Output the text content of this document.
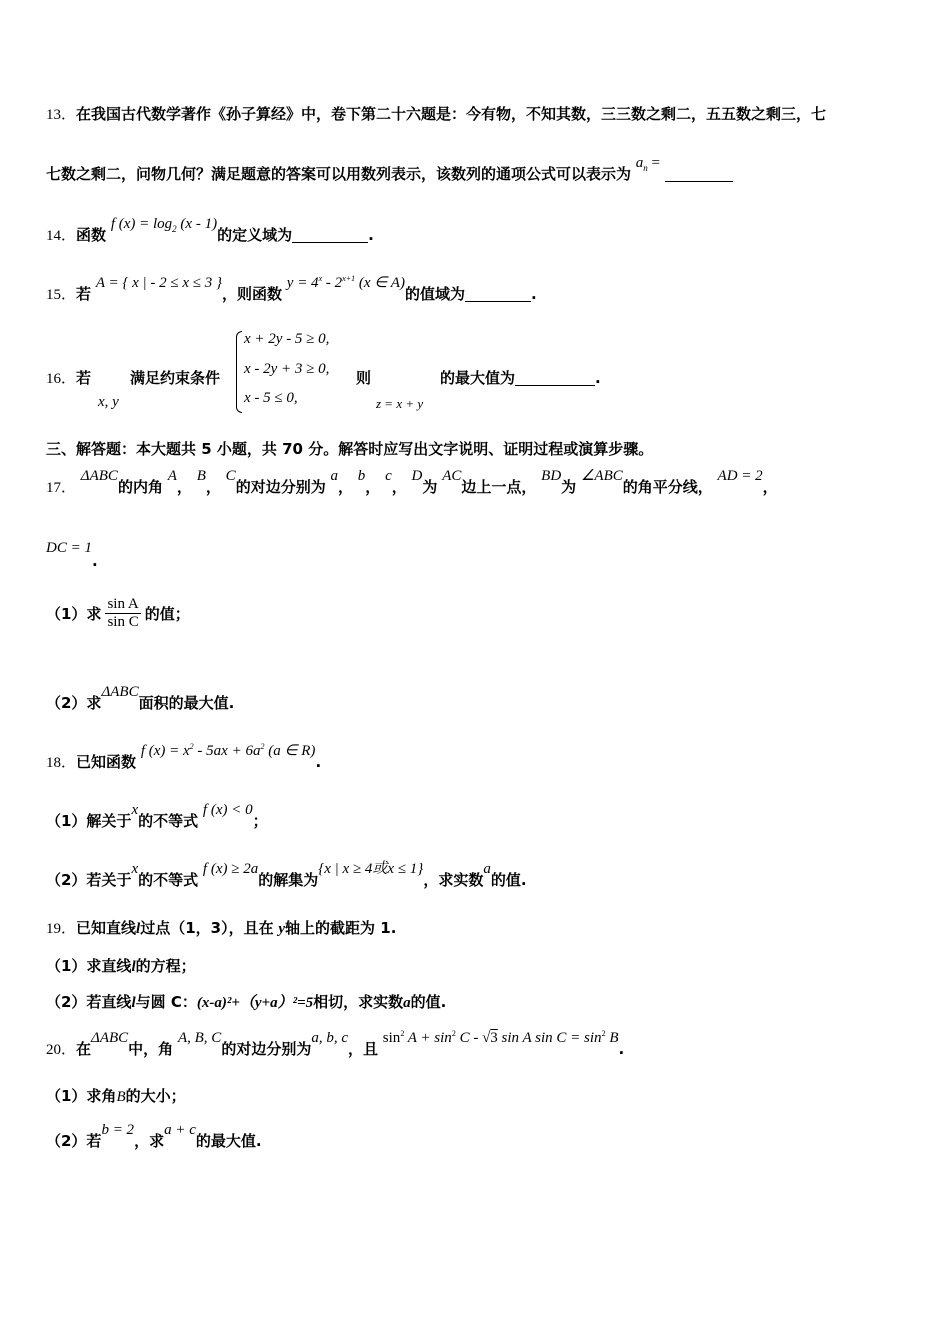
13．在我国古代数学著作《孙子算经》中，卷下第二十六题是：今有物，不知其数，三三数之剩二，五五数之剩三，七
七数之剩二，问物几何？满足题意的答案可以用数列表示，该数列的通项公式可以表示为 $a_n$ =
14．函数 f $(x) = \log_2 (x - 1)$的定义域为	.
15．若 A = { x | - 2 ≤ x ≤ 3 }，则函数 $y = 4^x - 2^{x+1}$ (x ∈ A)的值域为	.
16．若
x, y
满足约束条件
x + 2y - 5 ≥ 0,
x - 2y + 3 ≥ 0,
x - 5 ≤ 0,
则
z = x + y
的最大值为	.
三、解答题：本大题共 5 小题，共 70 分。解答时应写出文字说明、证明过程或演算步骤。
17． ΔABC的内角 A， B， C的对边分别为 a， b， c， D为 AC边上一点， BD为 ∠ABC的角平分线， AD = 2，
DC = 1.
（1）求 $\frac{\text{sin A}}{\text{sin C}}$ 的值；
（2）求ΔABC面积的最大值.
18．已知函数 f $(x) = x^2 - 5ax + 6a^2$ (a ∈ R).
（1）解关于x的不等式 f (x) < 0；
（2）若关于x的不等式 f (x) ≥ 2a的解集为{x | x ≥ 4或x ≤ 1}，求实数a的值.
19．已知直线l过点（1，3），且在 y轴上的截距为 1.
（1）求直线l的方程；
（2）若直线l与圆 C：(x-a)²+（y+a）²=5相切，求实数a的值.
20．在ΔABC中，角 A, B, C的对边分别为a, b, c，且 $\sin^2 A + \sin^2 C - √3$ sin A $\sin C = \sin^2 B$.
（1）求角B的大小；
（2）若b = 2，求a + c的最大值.
